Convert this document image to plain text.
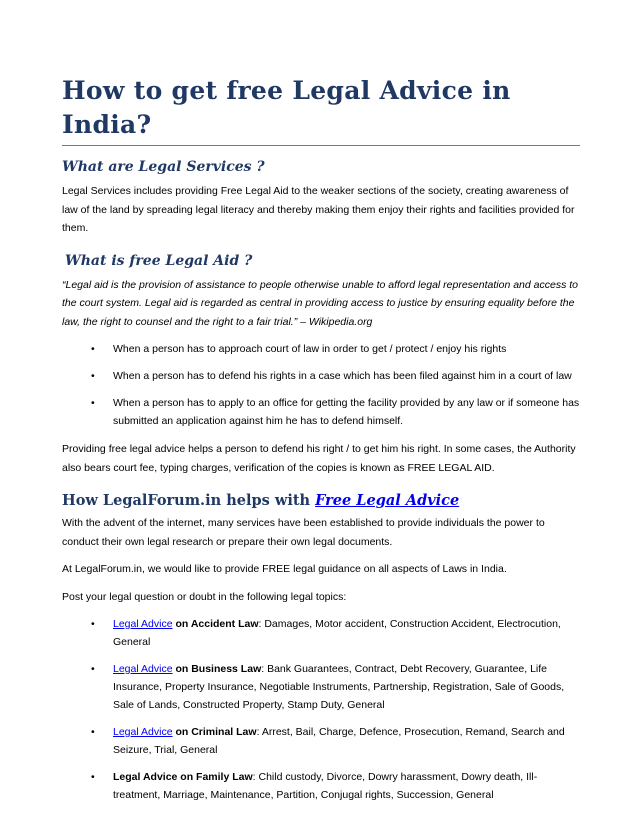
How to get free Legal Advice in India?
What are Legal Services ?

Legal Services includes providing Free Legal Aid to the weaker sections of the society, creating awareness of law of the land by spreading legal literacy and thereby making them enjoy their rights and facilities provided for them.

What is free Legal Aid ?

“Legal aid is the provision of assistance to people otherwise unable to afford legal representation and access to the court system. Legal aid is regarded as central in providing access to justice by ensuring equality before the law, the right to counsel and the right to a fair trial.” – Wikipedia.org

• When a person has to approach court of law in order to get / protect / enjoy his rights
• When a person has to defend his rights in a case which has been filed against him in a court of law
• When a person has to apply to an office for getting the facility provided by any law or if someone has submitted an application against him he has to defend himself.

Providing free legal advice helps a person to defend his right / to get him his right. In some cases, the Authority also bears court fee, typing charges, verification of the copies is known as FREE LEGAL AID.

How LegalForum.in helps with Free Legal Advice

With the advent of the internet, many services have been established to provide individuals the power to conduct their own legal research or prepare their own legal documents.

At LegalForum.in, we would like to provide FREE legal guidance on all aspects of Laws in India.

Post your legal question or doubt in the following legal topics:

• Legal Advice on Accident Law: Damages, Motor accident, Construction Accident, Electrocution, General
• Legal Advice on Business Law: Bank Guarantees, Contract, Debt Recovery, Guarantee, Life Insurance, Property Insurance, Negotiable Instruments, Partnership, Registration, Sale of Goods, Sale of Lands, Constructed Property, Stamp Duty, General
• Legal Advice on Criminal Law: Arrest, Bail, Charge, Defence, Prosecution, Remand, Search and Seizure, Trial, General
• Legal Advice on Family Law: Child custody, Divorce, Dowry harassment, Dowry death, Ill-treatment, Marriage, Maintenance, Partition, Conjugal rights, Succession, General
